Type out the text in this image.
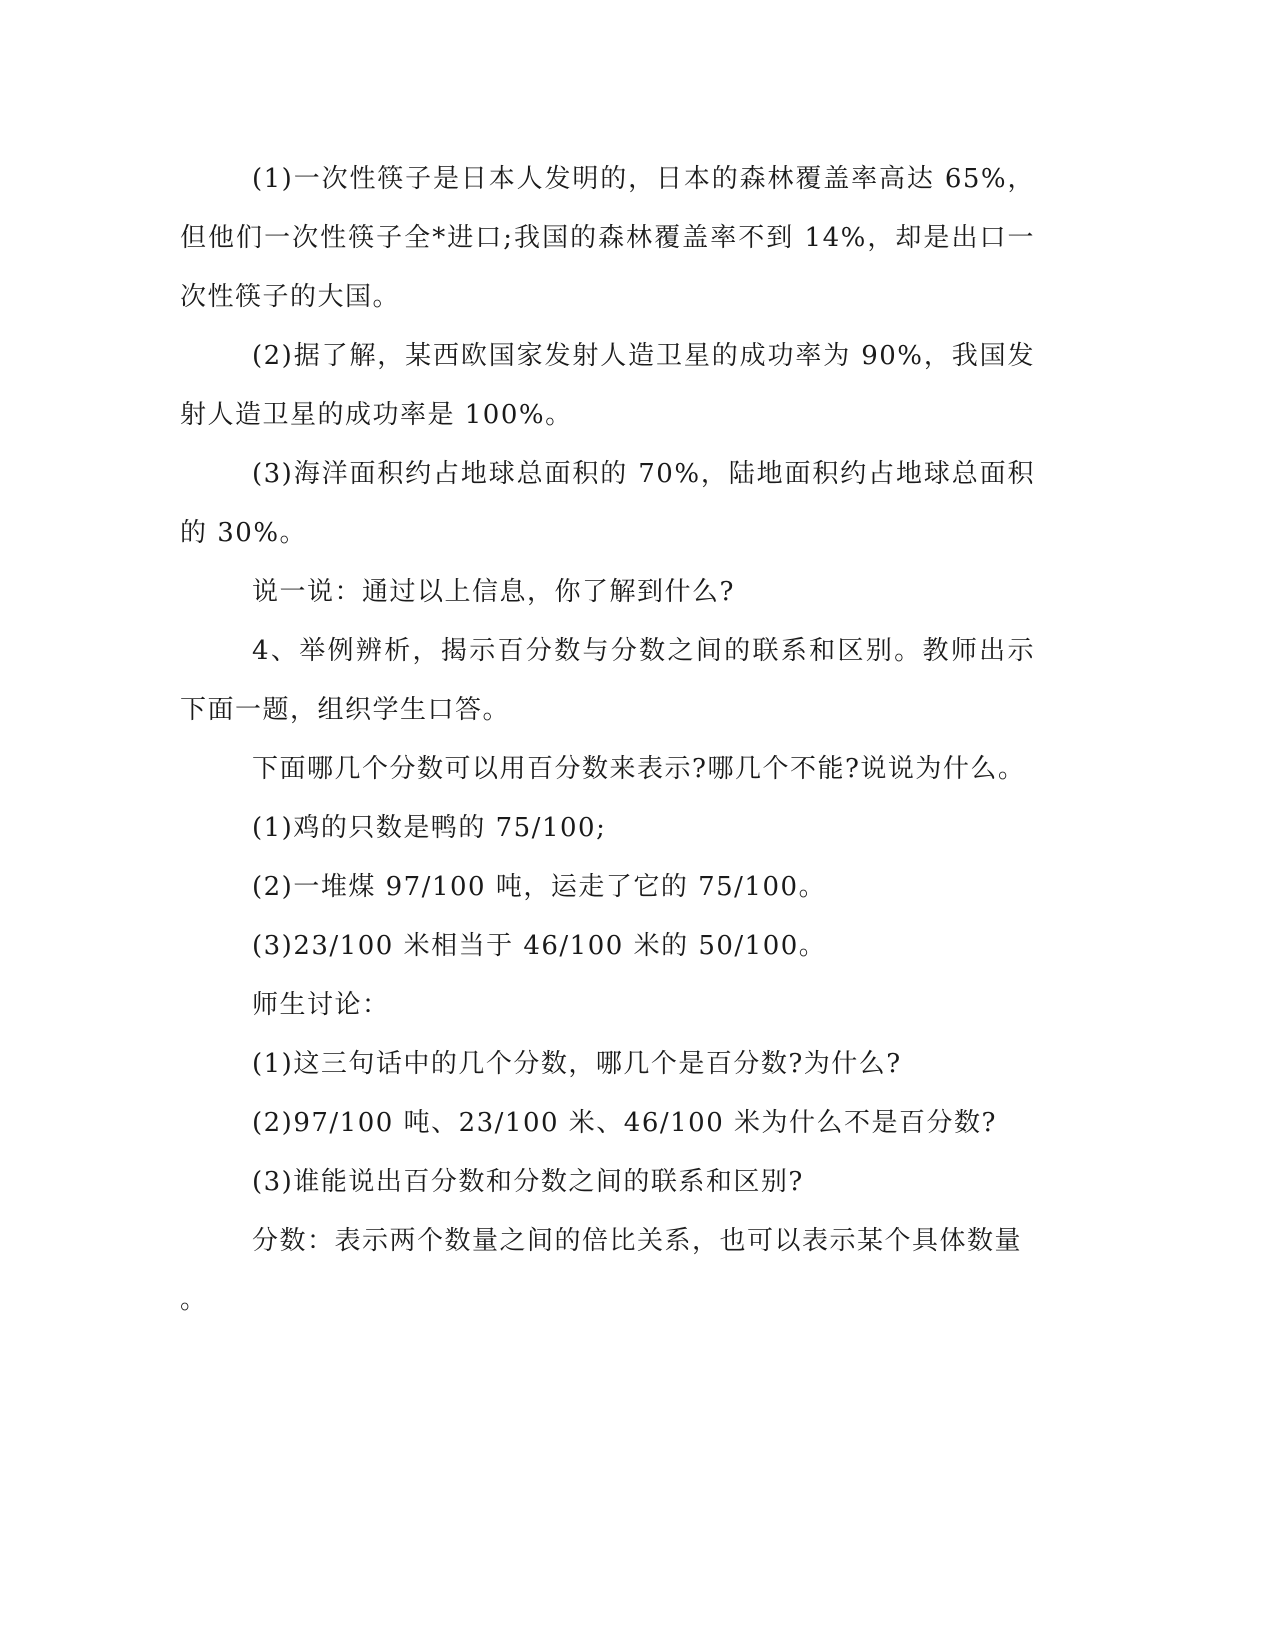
(1)一次性筷子是日本人发明的，日本的森林覆盖率高达 65%，但他们一次性筷子全*进口;我国的森林覆盖率不到 14%，却是出口一次性筷子的大国。

(2)据了解，某西欧国家发射人造卫星的成功率为 90%，我国发射人造卫星的成功率是 100%。

(3)海洋面积约占地球总面积的 70%，陆地面积约占地球总面积的 30%。

说一说：通过以上信息，你了解到什么?

4、举例辨析，揭示百分数与分数之间的联系和区别。教师出示下面一题，组织学生口答。

下面哪几个分数可以用百分数来表示?哪几个不能?说说为什么。

(1)鸡的只数是鸭的 75/100;

(2)一堆煤 97/100 吨，运走了它的 75/100。

(3)23/100 米相当于 46/100 米的 50/100。

师生讨论：

(1)这三句话中的几个分数，哪几个是百分数?为什么?

(2)97/100 吨、23/100 米、46/100 米为什么不是百分数?

(3)谁能说出百分数和分数之间的联系和区别?

分数：表示两个数量之间的倍比关系，也可以表示某个具体数量

。
